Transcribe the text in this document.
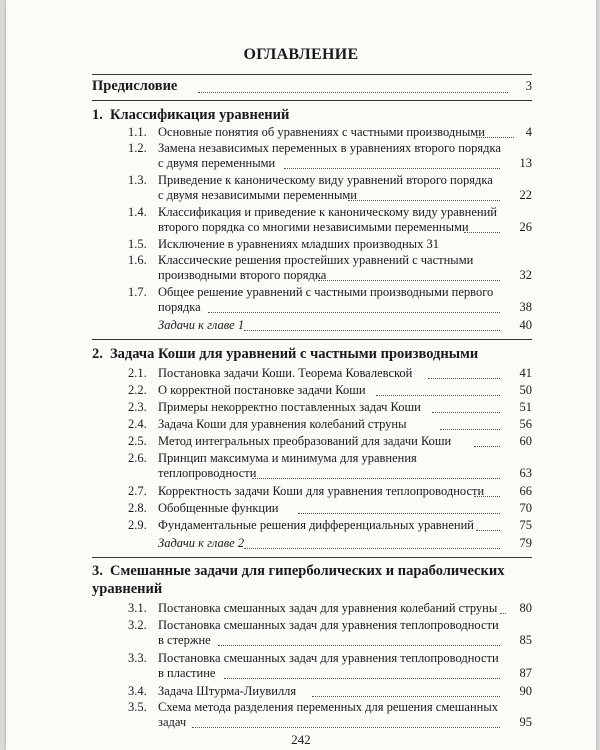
ОГЛАВЛЕНИЕ
Предисловие	3
1. Классификация уравнений
1.1. Основные понятия об уравнениях с частными производными	4
1.2. Замена независимых переменных в уравнениях второго порядка
с двумя переменными	13
1.3. Приведение к каноническому виду уравнений второго порядка
с двумя независимыми переменными	22
1.4. Классификация и приведение к каноническому виду уравнений
второго порядка со многими независимыми переменными	26
1.5. Исключение в уравнениях младших производных 31
1.6. Классические решения простейших уравнений с частными
производными второго порядка	32
1.7. Общее решение уравнений с частными производными первого
порядка	38
Задачи к главе 1	40
2. Задача Коши для уравнений с частными производными
2.1. Постановка задачи Коши. Теорема Ковалевской	41
2.2. О корректной постановке задачи Коши	50
2.3. Примеры некорректно поставленных задач Коши	51
2.4. Задача Коши для уравнения колебаний струны	56
2.5. Метод интегральных преобразований для задачи Коши	60
2.6. Принцип максимума и минимума для уравнения
теплопроводности	63
2.7. Корректность задачи Коши для уравнения теплопроводности	66
2.8. Обобщенные функции	70
2.9. Фундаментальные решения дифференциальных уравнений	75
Задачи к главе 2	79
3. Смешанные задачи для гиперболических и параболических
уравнений
3.1. Постановка смешанных задач для уравнения колебаний струны 80
3.2. Постановка смешанных задач для уравнения теплопроводности
в стержне	85
3.3. Постановка смешанных задач для уравнения теплопроводности
в пластине	87
3.4. Задача Штурма-Лиувилля	90
3.5. Схема метода разделения переменных для решения смешанных
задач	95
242
